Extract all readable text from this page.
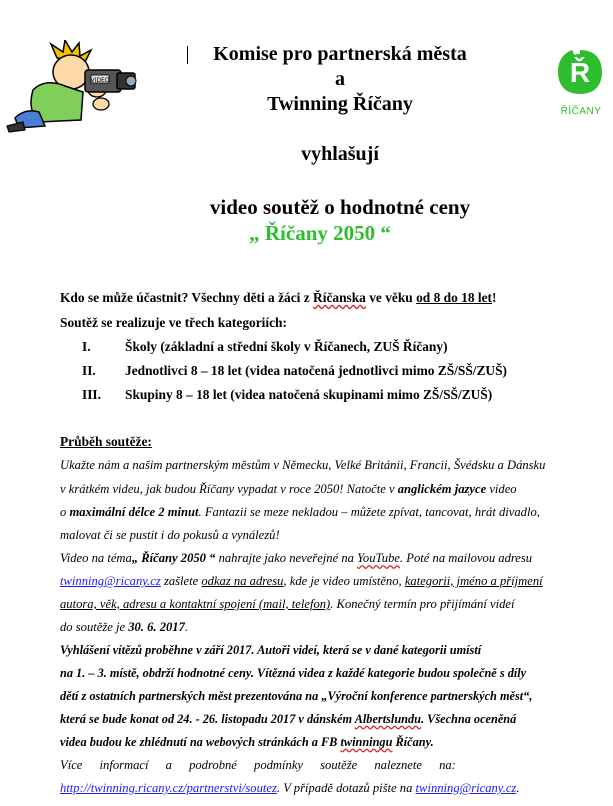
VIDEO	Ř
ŘÍČANY
Komise pro partnerská města
a
Twinning Říčany
vyhlašují
video soutěž o hodnotné ceny
„ Říčany 2050 “
Kdo se může účastnit? Všechny děti a žáci z Říčanska ve věku od 8 do 18 let!
Soutěž se realizuje ve třech kategoriích:
I.	Školy (základní a střední školy v Říčanech, ZUŠ Říčany)
II. Jednotlivci 8 – 18 let (videa natočená jednotlivci mimo ZŠ/SŠ/ZUŠ)
III. Skupiny 8 – 18 let (videa natočená skupinami mimo ZŠ/SŠ/ZUŠ)
Průběh soutěže:
Ukažte nám a našim partnerským městům v Německu, Velké Británii, Francii, Švédsku a Dánsku
v krátkém videu, jak budou Říčany vypadat v roce 2050! Natočte v anglickém jazyce video
o maximální délce 2 minut. Fantazii se meze nekladou – můžete zpívat, tancovat, hrát divadlo,
malovat či se pustit i do pokusů a vynálezů!
Video na téma„ Říčany 2050 “ nahrajte jako neveřejné na YouTube. Poté na mailovou adresu
twinning@ricany.cz zašlete odkaz na adresu, kde je video umístěno, kategorii, jméno a příjmení
autora, věk, adresu a kontaktní spojení (mail, telefon). Konečný termín pro přijímání videí
do soutěže je 30. 6. 2017.
Vyhlášení vítězů proběhne v září 2017. Autoři videí, která se v dané kategorii umístí
na 1. – 3. místě, obdrží hodnotné ceny. Vítězná videa z každé kategorie budou společně s díly
dětí z ostatních partnerských měst prezentována na „Výroční konference partnerských měst“,
která se bude konat od 24. - 26. listopadu 2017 v dánském Albertslundu. Všechna oceněná
videa budou ke zhlédnutí na webových stránkách a FB twinningu Říčany.
Více informací a podrobné podmínky soutěže naleznete na:
http://twinning.ricany.cz/partnerstvi/soutez. V případě dotazů pište na twinning@ricany.cz.
